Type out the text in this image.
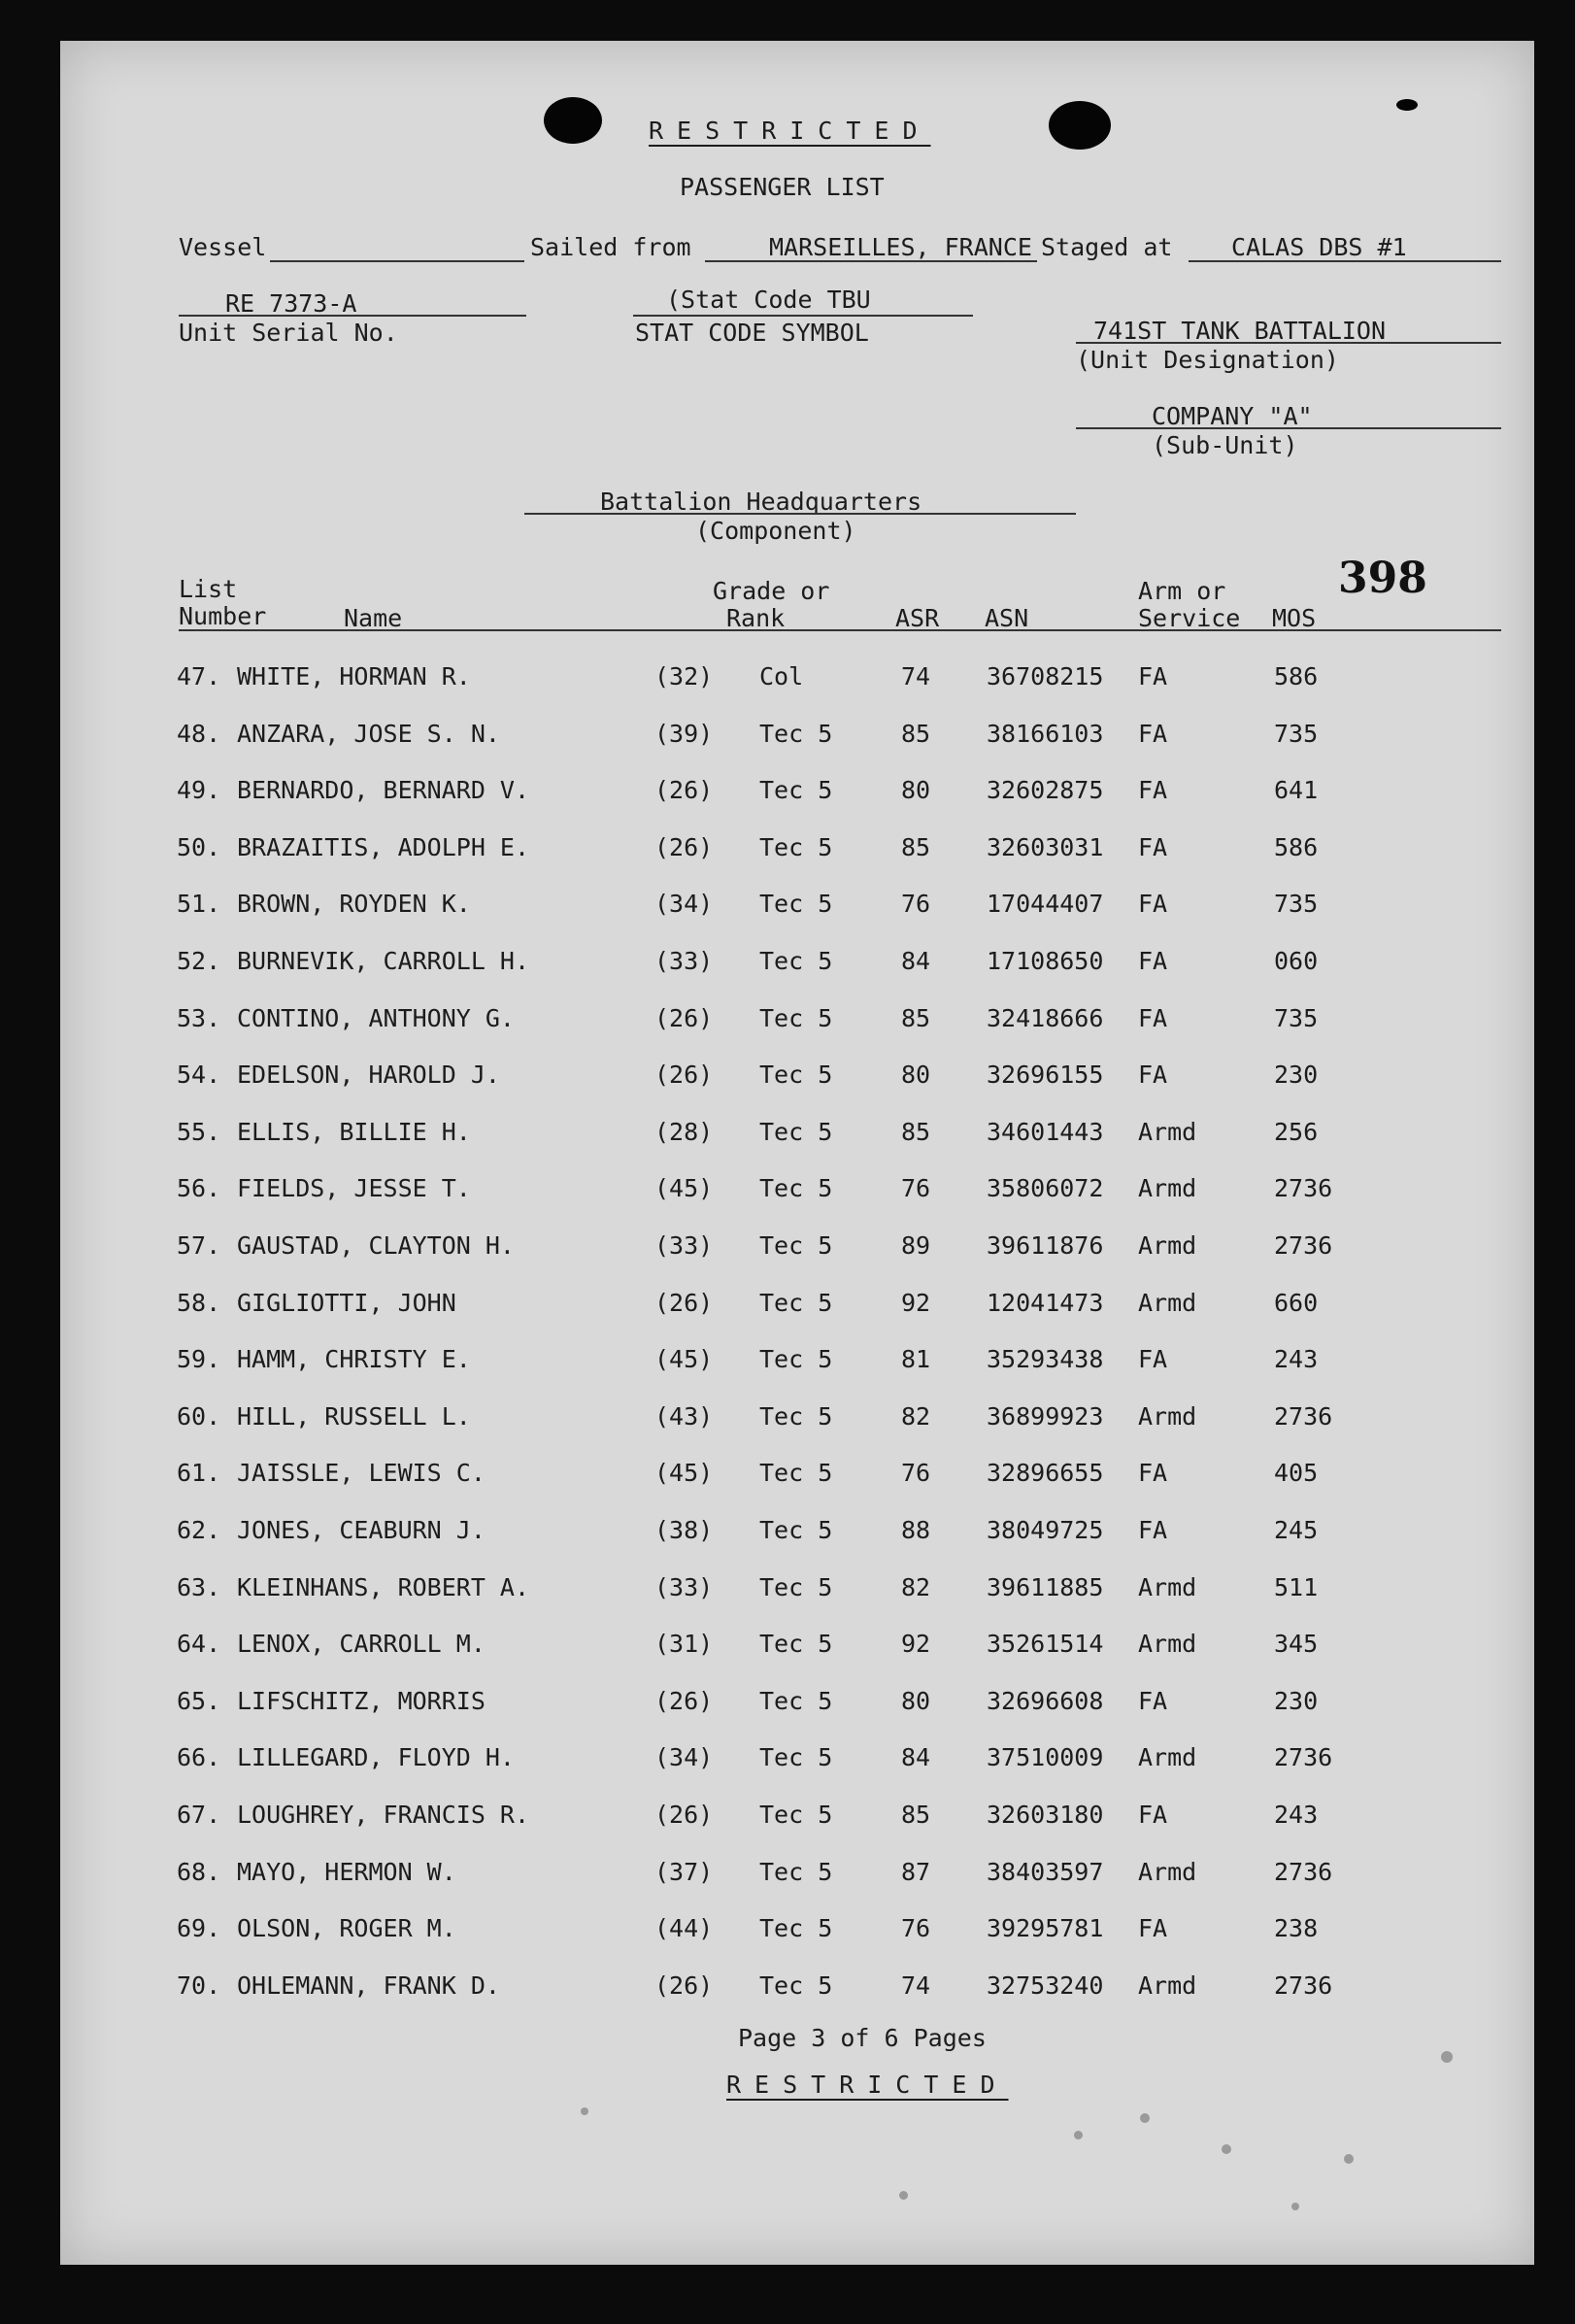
RESTRICTED
PASSENGER LIST
Vessel	Sailed from	MARSEILLES, FRANCE Staged at CALAS DBS #1
RE 7373-A
Unit Serial No.
(Stat Code TBU
STAT CODE SYMBOL	741ST TANK BATTALION
(Unit Designation)
COMPANY "A"
(Sub-Unit)
Battalion Headquarters
(Component)
398
List
Number	Name
Grade or
Rank	ASR ASN
Arm or
Service MOS
47. WHITE, HORMAN R.	(32) Col	74 36708215 FA	586
48. ANZARA, JOSE S. N.	(39) Tec 5	85 38166103 FA	735
49. BERNARDO, BERNARD V.	(26) Tec 5	80 32602875 FA	641
50. BRAZAITIS, ADOLPH E.	(26) Tec 5	85 32603031 FA	586
51. BROWN, ROYDEN K.	(34) Tec 5	76 17044407 FA	735
52. BURNEVIK, CARROLL H.	(33) Tec 5	84 17108650 FA	060
53. CONTINO, ANTHONY G.	(26) Tec 5	85 32418666 FA	735
54. EDELSON, HAROLD J.	(26) Tec 5	80 32696155 FA	230
55. ELLIS, BILLIE H.	(28) Tec 5	85 34601443 Armd	256
56. FIELDS, JESSE T.	(45) Tec 5	76 35806072 Armd	2736
57. GAUSTAD, CLAYTON H.	(33) Tec 5	89 39611876 Armd	2736
58. GIGLIOTTI, JOHN	(26) Tec 5	92 12041473 Armd	660
59. HAMM, CHRISTY E.	(45) Tec 5	81 35293438 FA	243
60. HILL, RUSSELL L.	(43) Tec 5	82 36899923 Armd	2736
61. JAISSLE, LEWIS C.	(45) Tec 5	76 32896655 FA	405
62. JONES, CEABURN J.	(38) Tec 5	88 38049725 FA	245
63. KLEINHANS, ROBERT A.	(33) Tec 5	82 39611885 Armd	511
64. LENOX, CARROLL M.	(31) Tec 5	92 35261514 Armd	345
65. LIFSCHITZ, MORRIS	(26) Tec 5	80 32696608 FA	230
66. LILLEGARD, FLOYD H.	(34) Tec 5	84 37510009 Armd	2736
67. LOUGHREY, FRANCIS R.	(26) Tec 5	85 32603180 FA	243
68. MAYO, HERMON W.	(37) Tec 5	87 38403597 Armd	2736
69. OLSON, ROGER M.	(44) Tec 5	76 39295781 FA	238
70. OHLEMANN, FRANK D.	(26) Tec 5	74 32753240 Armd	2736
Page 3 of 6 Pages
RESTRICTED
